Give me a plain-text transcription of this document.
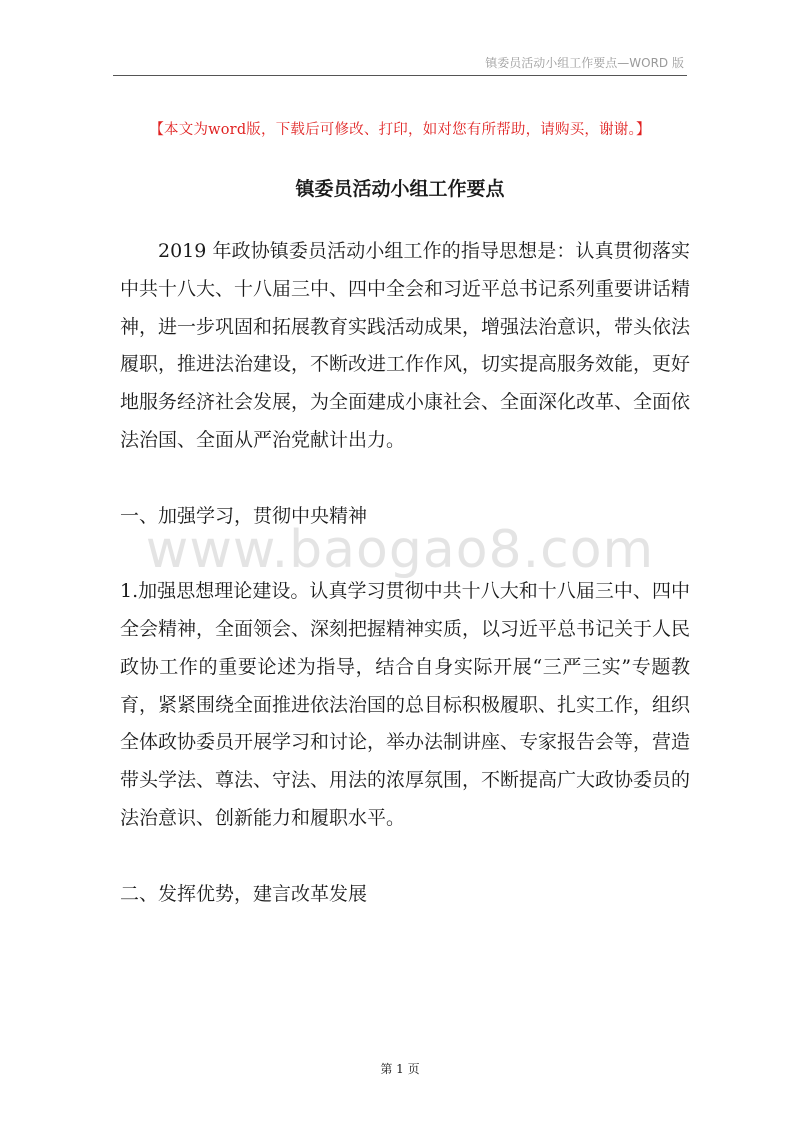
镇委员活动小组工作要点—WORD 版
【本文为word版，下载后可修改、打印，如对您有所帮助，请购买，谢谢。】
镇委员活动小组工作要点
www.baogao8.com
2019 年政协镇委员活动小组工作的指导思想是：认真贯彻落实
中共十八大、十八届三中、四中全会和习近平总书记系列重要讲话精
神，进一步巩固和拓展教育实践活动成果，增强法治意识，带头依法
履职，推进法治建设，不断改进工作作风，切实提高服务效能，更好
地服务经济社会发展，为全面建成小康社会、全面深化改革、全面依
法治国、全面从严治党献计出力。
一、加强学习，贯彻中央精神
1.加强思想理论建设。认真学习贯彻中共十八大和十八届三中、四中
全会精神，全面领会、深刻把握精神实质，以习近平总书记关于人民
政协工作的重要论述为指导，结合自身实际开展“三严三实”专题教
育，紧紧围绕全面推进依法治国的总目标积极履职、扎实工作，组织
全体政协委员开展学习和讨论，举办法制讲座、专家报告会等，营造
带头学法、尊法、守法、用法的浓厚氛围，不断提高广大政协委员的
法治意识、创新能力和履职水平。
二、发挥优势，建言改革发展
第 1 页
